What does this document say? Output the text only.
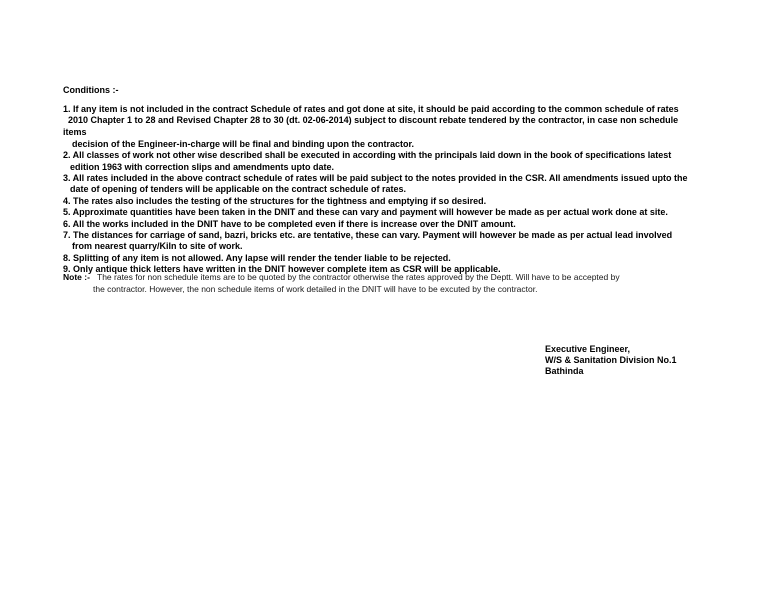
Conditions :-
1. If any item is not included in the contract Schedule of rates and got done at site, it should be paid according to the common schedule of rates
2010 Chapter 1 to 28 and Revised Chapter 28 to 30 (dt. 02-06-2014) subject to discount rebate tendered by the contractor, in case non schedule
items
decision of the Engineer-in-charge will be final and binding upon the contractor.
2. All classes of work not other wise described shall be executed in according with the principals laid down in the book of specifications latest
edition 1963 with correction slips and amendments upto date.
3. All rates included in the above contract schedule of rates will be paid subject to the notes provided in the CSR. All amendments issued upto the
date of opening of tenders will be applicable on the contract schedule of rates.
4. The rates also includes the testing of the structures for the tightness and emptying if so desired.
5. Approximate quantities have been taken in the DNIT and these can vary and payment will however be made as per actual work done at site.
6. All the works included in the DNIT have to be completed even if there is increase over the DNIT amount.
7. The distances for carriage of sand, bazri, bricks etc. are tentative, these can vary. Payment will however be made as per actual lead involved
from nearest quarry/Kiln to site of work.
8. Splitting of any item is not allowed. Any lapse will render the tender liable to be rejected.
9. Only antique thick letters have written in the DNIT however complete item as CSR will be applicable.
Note :- The rates for non schedule items are to be quoted by the contractor otherwise the rates approved by the Deptt. Will have to be accepted by
the contractor. However, the non schedule items of work detailed in the DNIT will have to be excuted by the contractor.
Executive Engineer,
W/S & Sanitation Division No.1
Bathinda
